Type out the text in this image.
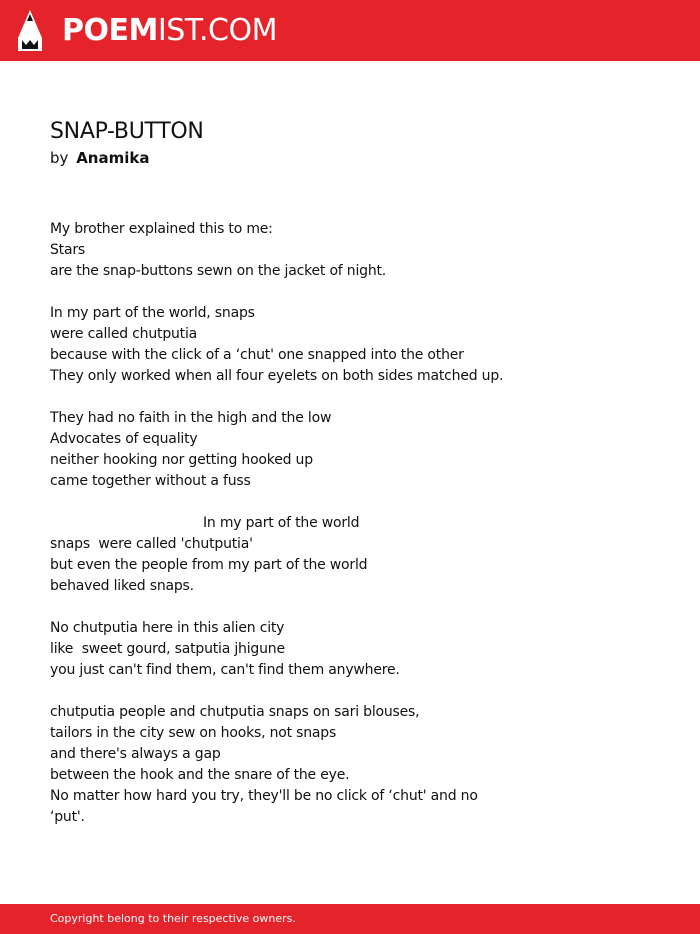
POEMIST.COM
SNAP-BUTTON
by Anamika
My brother explained this to me:
Stars
are the snap-buttons sewn on the jacket of night.
In my part of the world, snaps
were called chutputia
because with the click of a ‘chut' one snapped into the other
They only worked when all four eyelets on both sides matched up.
They had no faith in the high and the low
Advocates of equality
neither hooking nor getting hooked up
came together without a fuss
In my part of the world
snaps  were called 'chutputia'
but even the people from my part of the world
behaved liked snaps.
No chutputia here in this alien city
like  sweet gourd, satputia jhigune
you just can't find them, can't find them anywhere.
chutputia people and chutputia snaps on sari blouses,
tailors in the city sew on hooks, not snaps
and there's always a gap
between the hook and the snare of the eye.
No matter how hard you try, they'll be no click of ‘chut' and no
‘put'.
Copyright belong to their respective owners.
